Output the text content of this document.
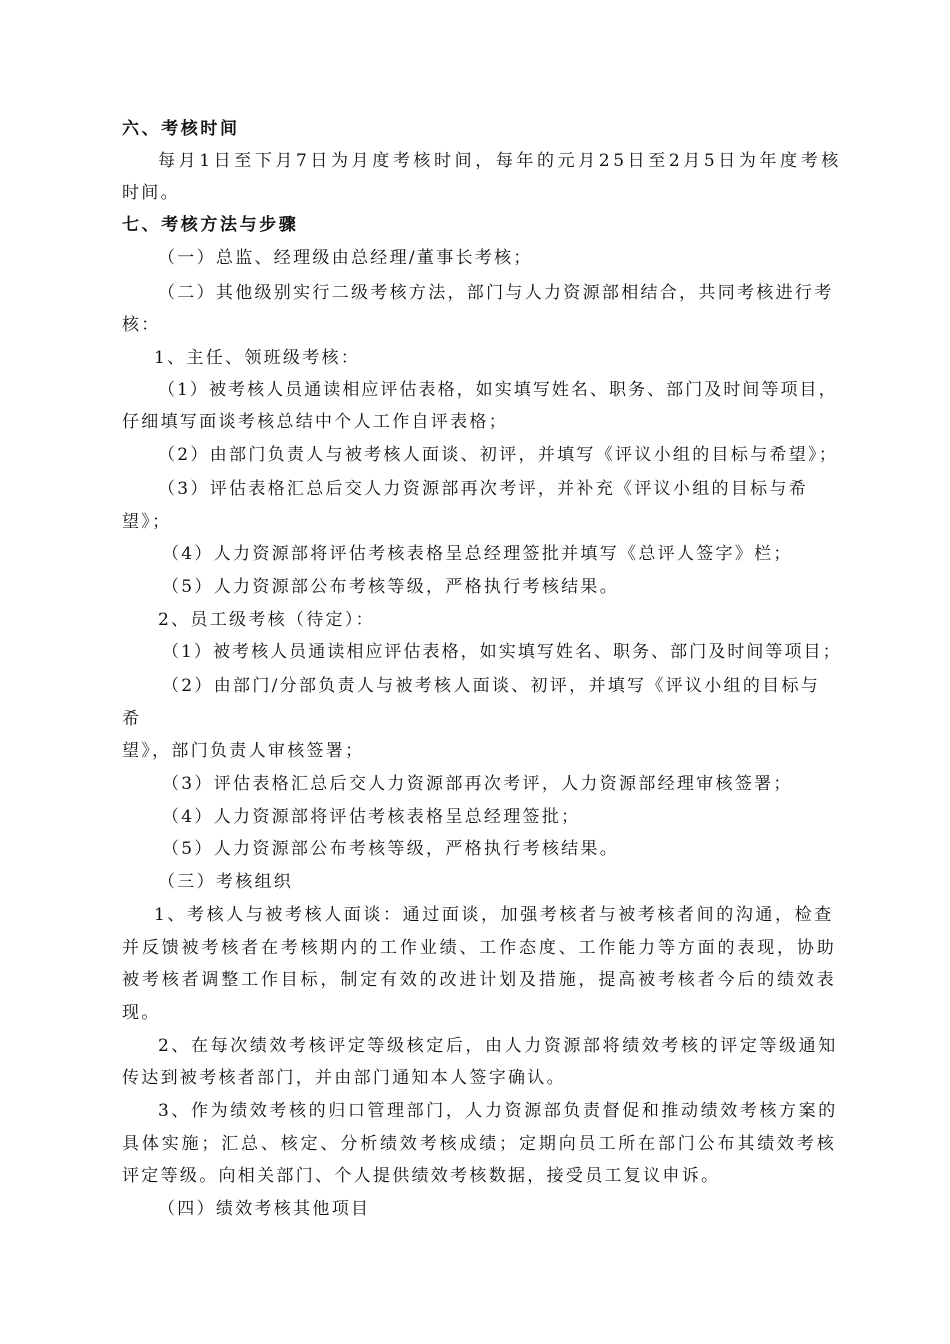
六、考核时间
每月1日至下月7日为月度考核时间，每年的元月25日至2月5日为年度考核
时间。
七、考核方法与步骤
（一）总监、经理级由总经理/董事长考核；
（二）其他级别实行二级考核方法，部门与人力资源部相结合，共同考核进行考
核：
1、主任、领班级考核：
（1）被考核人员通读相应评估表格，如实填写姓名、职务、部门及时间等项目，
仔细填写面谈考核总结中个人工作自评表格；
（2）由部门负责人与被考核人面谈、初评，并填写《评议小组的目标与希望》；
（3）评估表格汇总后交人力资源部再次考评，并补充《评议小组的目标与希
望》；
（4）人力资源部将评估考核表格呈总经理签批并填写《总评人签字》栏；
（5）人力资源部公布考核等级，严格执行考核结果。
2、员工级考核（待定）：
（1）被考核人员通读相应评估表格，如实填写姓名、职务、部门及时间等项目；
（2）由部门/分部负责人与被考核人面谈、初评，并填写《评议小组的目标与
希
望》，部门负责人审核签署；
（3）评估表格汇总后交人力资源部再次考评，人力资源部经理审核签署；
（4）人力资源部将评估考核表格呈总经理签批；
（5）人力资源部公布考核等级，严格执行考核结果。
（三）考核组织
1、考核人与被考核人面谈：通过面谈，加强考核者与被考核者间的沟通，检查
并反馈被考核者在考核期内的工作业绩、工作态度、工作能力等方面的表现，协助
被考核者调整工作目标，制定有效的改进计划及措施，提高被考核者今后的绩效表
现。
2、在每次绩效考核评定等级核定后，由人力资源部将绩效考核的评定等级通知
传达到被考核者部门，并由部门通知本人签字确认。
3、作为绩效考核的归口管理部门，人力资源部负责督促和推动绩效考核方案的
具体实施；汇总、核定、分析绩效考核成绩；定期向员工所在部门公布其绩效考核
评定等级。向相关部门、个人提供绩效考核数据，接受员工复议申诉。
（四）绩效考核其他项目
